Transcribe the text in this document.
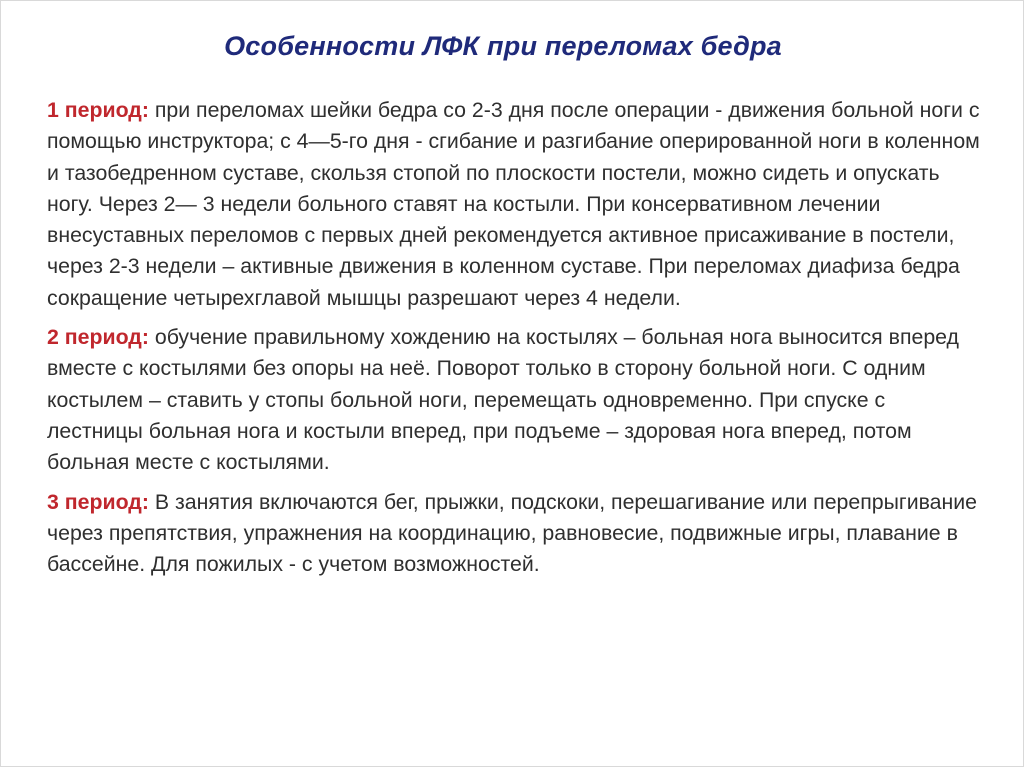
Особенности ЛФК при переломах бедра

1 период: при переломах шейки бедра со 2-3 дня после операции - движения больной ноги с помощью инструктора; с 4—5-го дня - сгибание и разгибание оперированной ноги в коленном и тазобедренном суставе, скользя стопой по плоскости постели, можно сидеть и опускать ногу. Через 2— 3 недели больного ставят на костыли. При консервативном лечении внесуставных переломов с первых дней рекомендуется активное присаживание в постели, через 2-3 недели – активные движения в коленном суставе. При переломах диафиза бедра сокращение четырехглавой мышцы разрешают через 4 недели.

2 период: обучение правильному хождению на костылях – больная нога выносится вперед вместе с костылями без опоры на неё. Поворот только в сторону больной ноги. С одним костылем – ставить у стопы больной ноги, перемещать одновременно. При спуске с лестницы больная нога и костыли вперед, при подъеме – здоровая нога вперед, потом больная месте с костылями.

3 период: В занятия включаются бег, прыжки, подскоки, перешагивание или перепрыгивание через препятствия, упражнения на координацию, равновесие, подвижные игры, плавание в бассейне. Для пожилых - с учетом возможностей.
